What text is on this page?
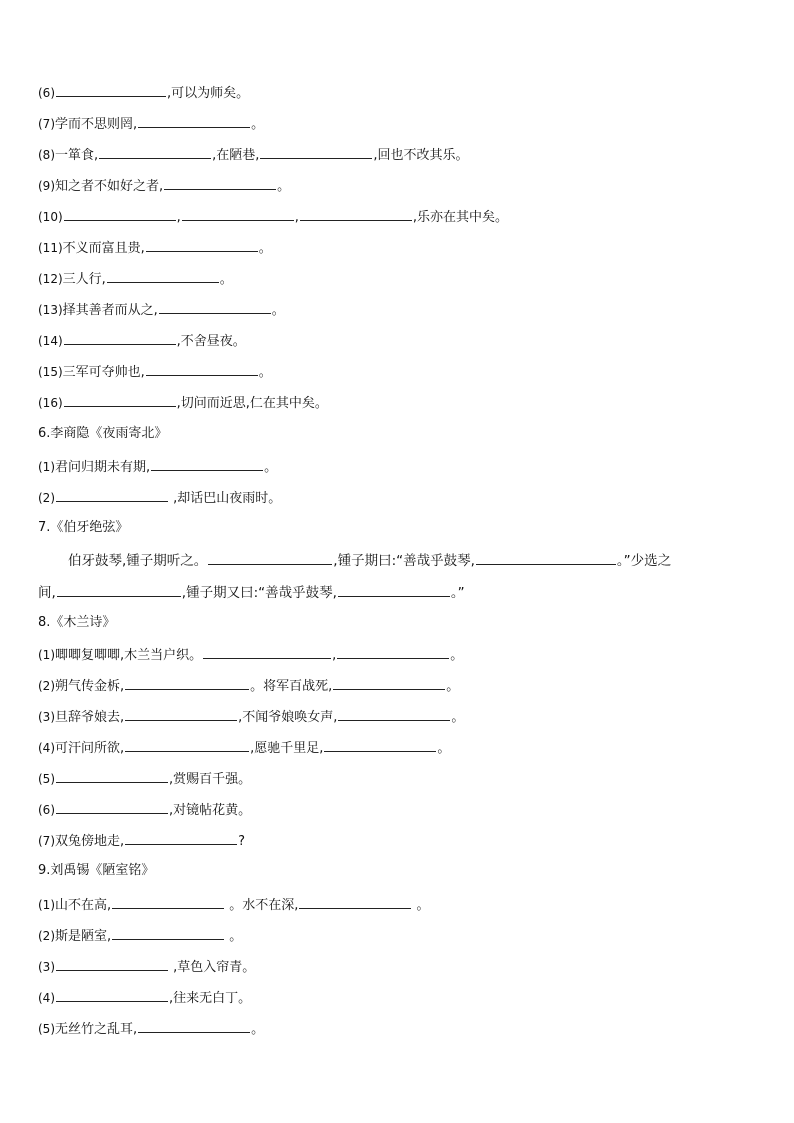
(6)	,可以为师矣。
(7)学而不思则罔,	。
(8)一箪食,	,在陋巷,	,回也不改其乐。
(9)知之者不如好之者,	。
(10)	,	,	,乐亦在其中矣。
(11)不义而富且贵,	。
(12)三人行,	。
(13)择其善者而从之,	。
(14)	,不舍昼夜。
(15)三军可夺帅也,	。
(16)	,切问而近思,仁在其中矣。
6.李商隐《夜雨寄北》
(1)君问归期未有期,	。
(2)	,却话巴山夜雨时。
7.《伯牙绝弦》
伯牙鼓琴,锺子期听之。	,锺子期曰:“善哉乎鼓琴,	。”少选之
间,	,锺子期又曰:“善哉乎鼓琴,	。”
8.《木兰诗》
(1)唧唧复唧唧,木兰当户织。	,	。
(2)朔气传金柝,	。将军百战死,	。
(3)旦辞爷娘去,	,不闻爷娘唤女声,	。
(4)可汗问所欲,	,愿驰千里足,	。
(5)	,赏赐百千强。
(6)	,对镜帖花黄。
(7)双兔傍地走,	?
9.刘禹锡《陋室铭》
(1)山不在高,	。水不在深,	。
(2)斯是陋室,	。
(3)	,草色入帘青。
(4)	,往来无白丁。
(5)无丝竹之乱耳,	。
